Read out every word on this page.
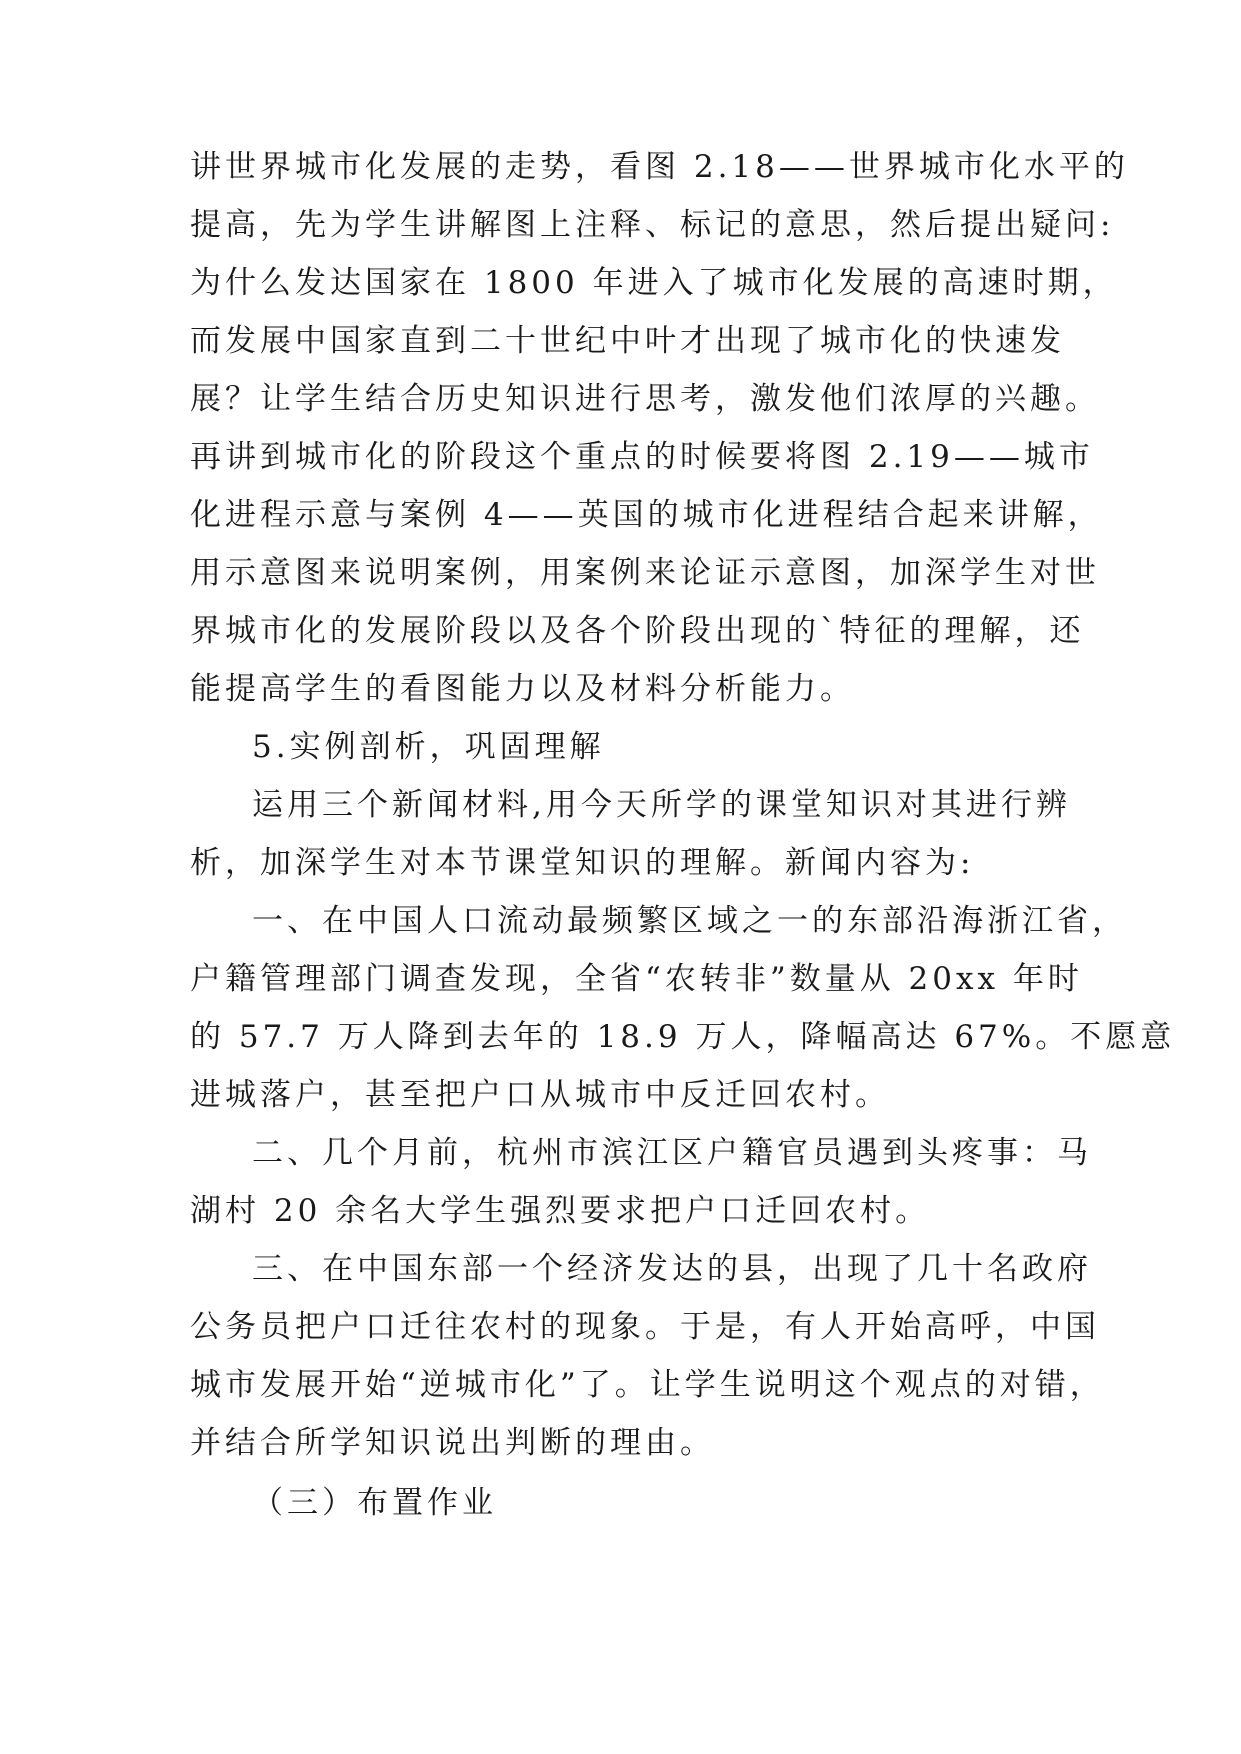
讲世界城市化发展的走势，看图 2.18——世界城市化水平的
提高，先为学生讲解图上注释、标记的意思，然后提出疑问:
为什么发达国家在 1800 年进入了城市化发展的高速时期，
而发展中国家直到二十世纪中叶才出现了城市化的快速发
展？让学生结合历史知识进行思考，激发他们浓厚的兴趣。
再讲到城市化的阶段这个重点的时候要将图 2.19——城市
化进程示意与案例 4——英国的城市化进程结合起来讲解，
用示意图来说明案例，用案例来论证示意图，加深学生对世
界城市化的发展阶段以及各个阶段出现的`特征的理解，还
能提高学生的看图能力以及材料分析能力。
5.实例剖析，巩固理解
运用三个新闻材料,用今天所学的课堂知识对其进行辨
析，加深学生对本节课堂知识的理解。新闻内容为:
一、在中国人口流动最频繁区域之一的东部沿海浙江省，
户籍管理部门调查发现，全省“农转非”数量从 20xx 年时
的 57.7 万人降到去年的 18.9 万人，降幅高达 67%。不愿意
进城落户，甚至把户口从城市中反迁回农村。
二、几个月前，杭州市滨江区户籍官员遇到头疼事：马
湖村 20 余名大学生强烈要求把户口迁回农村。
三、在中国东部一个经济发达的县，出现了几十名政府
公务员把户口迁往农村的现象。于是，有人开始高呼，中国
城市发展开始“逆城市化”了。让学生说明这个观点的对错，
并结合所学知识说出判断的理由。
（三）布置作业
